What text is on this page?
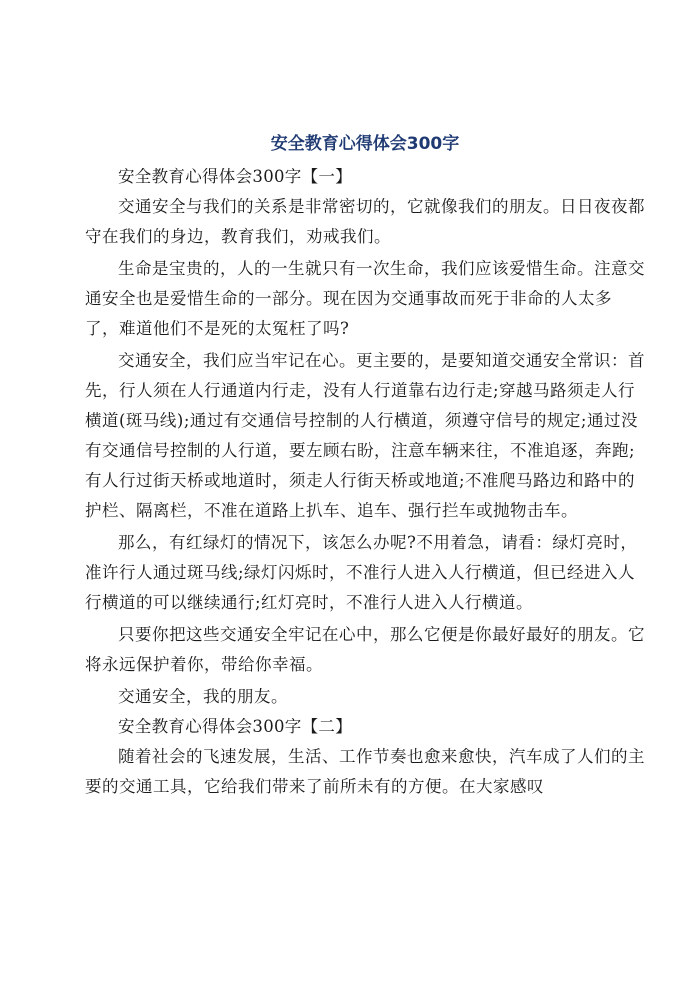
安全教育心得体会300字

安全教育心得体会300字【一】

交通安全与我们的关系是非常密切的，它就像我们的朋友。日日夜夜都守在我们的身边，教育我们，劝戒我们。

生命是宝贵的，人的一生就只有一次生命，我们应该爱惜生命。注意交通安全也是爱惜生命的一部分。现在因为交通事故而死于非命的人太多了，难道他们不是死的太冤枉了吗?

交通安全，我们应当牢记在心。更主要的，是要知道交通安全常识：首先，行人须在人行通道内行走，没有人行道靠右边行走;穿越马路须走人行横道(斑马线);通过有交通信号控制的人行横道，须遵守信号的规定;通过没有交通信号控制的人行道，要左顾右盼，注意车辆来往，不准追逐，奔跑;有人行过街天桥或地道时，须走人行街天桥或地道;不准爬马路边和路中的护栏、隔离栏，不准在道路上扒车、追车、强行拦车或抛物击车。

那么，有红绿灯的情况下，该怎么办呢?不用着急，请看：绿灯亮时，准许行人通过斑马线;绿灯闪烁时，不准行人进入人行横道，但已经进入人行横道的可以继续通行;红灯亮时，不准行人进入人行横道。

只要你把这些交通安全牢记在心中，那么它便是你最好最好的朋友。它将永远保护着你，带给你幸福。

交通安全，我的朋友。

安全教育心得体会300字【二】

随着社会的飞速发展，生活、工作节奏也愈来愈快，汽车成了人们的主要的交通工具，它给我们带来了前所未有的方便。在大家感叹
